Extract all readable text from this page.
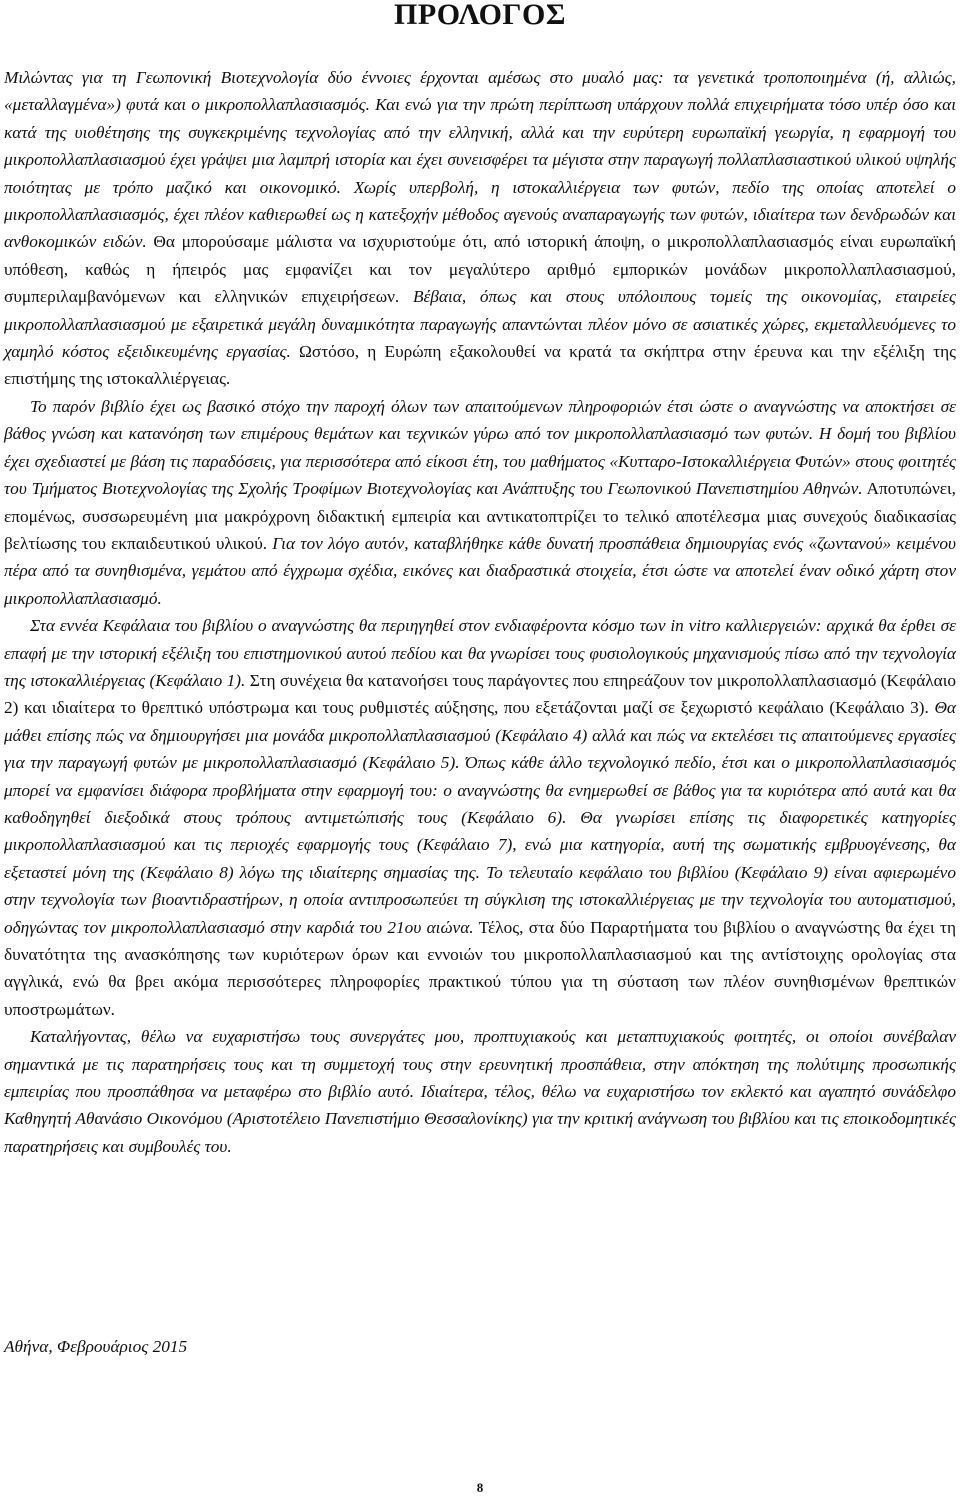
ΠΡΟΛΟΓΟΣ

Μιλώντας για τη Γεωπονική Βιοτεχνολογία δύο έννοιες έρχονται αμέσως στο μυαλό μας: τα γενετικά τροποποιημένα (ή, αλλιώς, «μεταλλαγμένα») φυτά και ο μικροπολλαπλασιασμός. Και ενώ για την πρώτη περίπτωση υπάρχουν πολλά επιχειρήματα τόσο υπέρ όσο και κατά της υιοθέτησης της συγκεκριμένης τεχνολογίας από την ελληνική, αλλά και την ευρύτερη ευρωπαϊκή γεωργία, η εφαρμογή του μικροπολλαπλασιασμού έχει γράψει μια λαμπρή ιστορία και έχει συνεισφέρει τα μέγιστα στην παραγωγή πολλαπλασιαστικού υλικού υψηλής ποιότητας με τρόπο μαζικό και οικονομικό. Χωρίς υπερβολή, η ιστοκαλλιέργεια των φυτών, πεδίο της οποίας αποτελεί ο μικροπολλαπλασιασμός, έχει πλέον καθιερωθεί ως η κατεξοχήν μέθοδος αγενούς αναπαραγωγής των φυτών, ιδιαίτερα των δενδρωδών και ανθοκομικών ειδών. Θα μπορούσαμε μάλιστα να ισχυριστούμε ότι, από ιστορική άποψη, ο μικροπολλαπλασιασμός είναι ευρωπαϊκή υπόθεση, καθώς η ήπειρός μας εμφανίζει και τον μεγαλύτερο αριθμό εμπορικών μονάδων μικροπολλαπλασιασμού, συμπεριλαμβανόμενων και ελληνικών επιχειρήσεων. Βέβαια, όπως και στους υπόλοιπους τομείς της οικονομίας, εταιρείες μικροπολλαπλασιασμού με εξαιρετικά μεγάλη δυναμικότητα παραγωγής απαντώνται πλέον μόνο σε ασιατικές χώρες, εκμεταλλευόμενες το χαμηλό κόστος εξειδικευμένης εργασίας. Ωστόσο, η Ευρώπη εξακολουθεί να κρατά τα σκήπτρα στην έρευνα και την εξέλιξη της επιστήμης της ιστοκαλλιέργειας.

Το παρόν βιβλίο έχει ως βασικό στόχο την παροχή όλων των απαιτούμενων πληροφοριών έτσι ώστε ο αναγνώστης να αποκτήσει σε βάθος γνώση και κατανόηση των επιμέρους θεμάτων και τεχνικών γύρω από τον μικροπολλαπλασιασμό των φυτών. Η δομή του βιβλίου έχει σχεδιαστεί με βάση τις παραδόσεις, για περισσότερα από είκοσι έτη, του μαθήματος «Κυτταρο-Ιστοκαλλιέργεια Φυτών» στους φοιτητές του Τμήματος Βιοτεχνολογίας της Σχολής Τροφίμων Βιοτεχνολογίας και Ανάπτυξης του Γεωπονικού Πανεπιστημίου Αθηνών. Αποτυπώνει, επομένως, συσσωρευμένη μια μακρόχρονη διδακτική εμπειρία και αντικατοπτρίζει το τελικό αποτέλεσμα μιας συνεχούς διαδικασίας βελτίωσης του εκπαιδευτικού υλικού. Για τον λόγο αυτόν, καταβλήθηκε κάθε δυνατή προσπάθεια δημιουργίας ενός «ζωντανού» κειμένου πέρα από τα συνηθισμένα, γεμάτου από έγχρωμα σχέδια, εικόνες και διαδραστικά στοιχεία, έτσι ώστε να αποτελεί έναν οδικό χάρτη στον μικροπολλαπλασιασμό.

Στα εννέα Κεφάλαια του βιβλίου ο αναγνώστης θα περιηγηθεί στον ενδιαφέροντα κόσμο των in vitro καλλιεργειών: αρχικά θα έρθει σε επαφή με την ιστορική εξέλιξη του επιστημονικού αυτού πεδίου και θα γνωρίσει τους φυσιολογικούς μηχανισμούς πίσω από την τεχνολογία της ιστοκαλλιέργειας (Κεφάλαιο 1). Στη συνέχεια θα κατανοήσει τους παράγοντες που επηρεάζουν τον μικροπολλαπλασιασμό (Κεφάλαιο 2) και ιδιαίτερα το θρεπτικό υπόστρωμα και τους ρυθμιστές αύξησης, που εξετάζονται μαζί σε ξεχωριστό κεφάλαιο (Κεφάλαιο 3). Θα μάθει επίσης πώς να δημιουργήσει μια μονάδα μικροπολλαπλασιασμού (Κεφάλαιο 4) αλλά και πώς να εκτελέσει τις απαιτούμενες εργασίες για την παραγωγή φυτών με μικροπολλαπλασιασμό (Κεφάλαιο 5). Όπως κάθε άλλο τεχνολογικό πεδίο, έτσι και ο μικροπολλαπλασιασμός μπορεί να εμφανίσει διάφορα προβλήματα στην εφαρμογή του: ο αναγνώστης θα ενημερωθεί σε βάθος για τα κυριότερα από αυτά και θα καθοδηγηθεί διεξοδικά στους τρόπους αντιμετώπισής τους (Κεφάλαιο 6). Θα γνωρίσει επίσης τις διαφορετικές κατηγορίες μικροπολλαπλασιασμού και τις περιοχές εφαρμογής τους (Κεφάλαιο 7), ενώ μια κατηγορία, αυτή της σωματικής εμβρυογένεσης, θα εξεταστεί μόνη της (Κεφάλαιο 8) λόγω της ιδιαίτερης σημασίας της. Το τελευταίο κεφάλαιο του βιβλίου (Κεφάλαιο 9) είναι αφιερωμένο στην τεχνολογία των βιοαντιδραστήρων, η οποία αντιπροσωπεύει τη σύγκλιση της ιστοκαλλιέργειας με την τεχνολογία του αυτοματισμού, οδηγώντας τον μικροπολλαπλασιασμό στην καρδιά του 21ου αιώνα. Τέλος, στα δύο Παραρτήματα του βιβλίου ο αναγνώστης θα έχει τη δυνατότητα της ανασκόπησης των κυριότερων όρων και εννοιών του μικροπολλαπλασιασμού και της αντίστοιχης ορολογίας στα αγγλικά, ενώ θα βρει ακόμα περισσότερες πληροφορίες πρακτικού τύπου για τη σύσταση των πλέον συνηθισμένων θρεπτικών υποστρωμάτων.

Καταλήγοντας, θέλω να ευχαριστήσω τους συνεργάτες μου, προπτυχιακούς και μεταπτυχιακούς φοιτητές, οι οποίοι συνέβαλαν σημαντικά με τις παρατηρήσεις τους και τη συμμετοχή τους στην ερευνητική προσπάθεια, στην απόκτηση της πολύτιμης προσωπικής εμπειρίας που προσπάθησα να μεταφέρω στο βιβλίο αυτό. Ιδιαίτερα, τέλος, θέλω να ευχαριστήσω τον εκλεκτό και αγαπητό συνάδελφο Καθηγητή Αθανάσιο Οικονόμου (Αριστοτέλειο Πανεπιστήμιο Θεσσαλονίκης) για την κριτική ανάγνωση του βιβλίου και τις εποικοδομητικές παρατηρήσεις και συμβουλές του.

Αθήνα, Φεβρουάριος 2015

8
